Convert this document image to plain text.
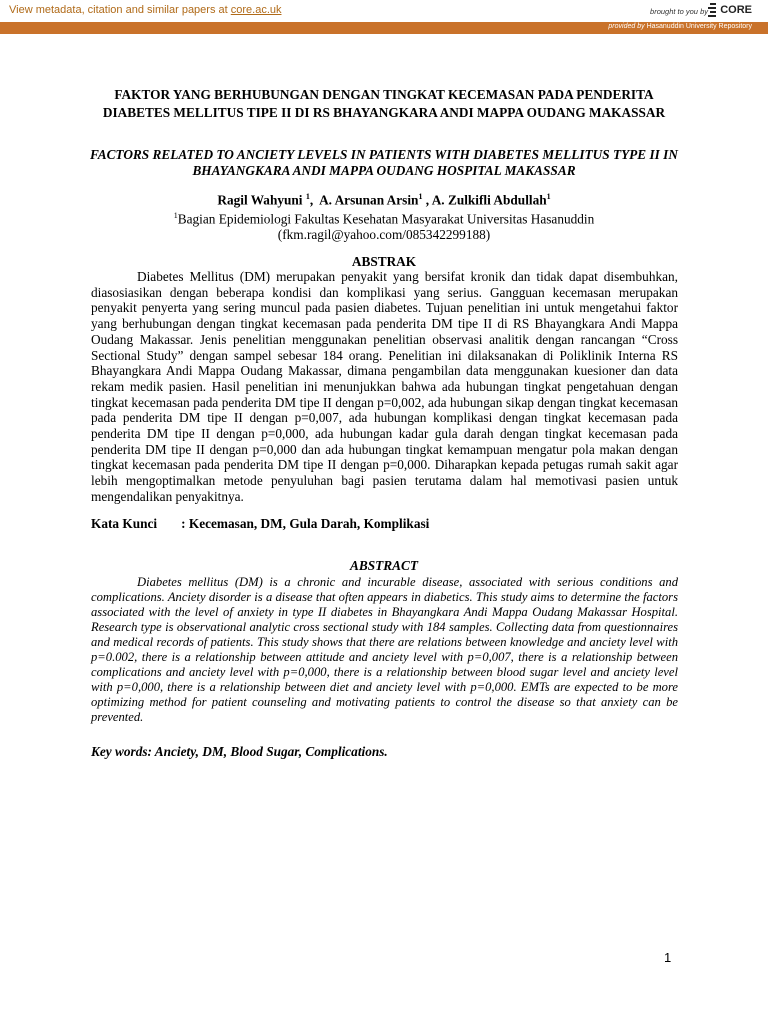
View metadata, citation and similar papers at core.ac.uk	brought to you by CORE
provided by Hasanuddin University Repository
FAKTOR YANG BERHUBUNGAN DENGAN TINGKAT KECEMASAN PADA PENDERITA DIABETES MELLITUS TIPE II DI RS BHAYANGKARA ANDI MAPPA OUDANG MAKASSAR
FACTORS RELATED TO ANCIETY LEVELS IN PATIENTS WITH DIABETES MELLITUS TYPE II IN BHAYANGKARA ANDI MAPPA OUDANG HOSPITAL MAKASSAR
Ragil Wahyuni $^1$,  A. Arsunan Arsin$^1$ , A. Zulkifli Abdullah$^1$
$^1$Bagian Epidemiologi Fakultas Kesehatan Masyarakat Universitas Hasanuddin
(fkm.ragil@yahoo.com/085342299188)
ABSTRAK
Diabetes Mellitus (DM) merupakan penyakit yang bersifat kronik dan tidak dapat disembuhkan, diasosiasikan dengan beberapa kondisi dan komplikasi yang serius. Gangguan kecemasan merupakan penyakit penyerta yang sering muncul pada pasien diabetes. Tujuan penelitian ini untuk mengetahui faktor yang berhubungan dengan tingkat kecemasan pada penderita DM tipe II di RS Bhayangkara Andi Mappa Oudang Makassar. Jenis penelitian menggunakan penelitian observasi analitik dengan rancangan “Cross Sectional Study” dengan sampel sebesar 184 orang. Penelitian ini dilaksanakan di Poliklinik Interna RS Bhayangkara Andi Mappa Oudang Makassar, dimana pengambilan data menggunakan kuesioner dan data rekam medik pasien. Hasil penelitian ini menunjukkan bahwa ada hubungan tingkat pengetahuan dengan tingkat kecemasan pada penderita DM tipe II dengan p=0,002, ada hubungan sikap dengan tingkat kecemasan pada penderita DM tipe II dengan p=0,007, ada hubungan komplikasi dengan tingkat kecemasan pada penderita DM tipe II dengan p=0,000, ada hubungan kadar gula darah dengan tingkat kecemasan pada penderita DM tipe II dengan p=0,000 dan ada hubungan tingkat kemampuan mengatur pola makan dengan tingkat kecemasan pada penderita DM tipe II dengan p=0,000. Diharapkan kepada petugas rumah sakit agar lebih mengoptimalkan metode penyuluhan bagi pasien terutama dalam hal memotivasi pasien untuk mengendalikan penyakitnya.
Kata Kunci : Kecemasan, DM, Gula Darah, Komplikasi
ABSTRACT
Diabetes mellitus (DM) is a chronic and incurable disease, associated with serious conditions and complications. Anciety disorder is a disease that often appears in diabetics. This study aims to determine the factors associated with the level of anxiety in type II diabetes in Bhayangkara Andi Mappa Oudang Makassar Hospital. Research type is observational analytic cross sectional study with 184 samples. Collecting data from questionnaires and medical records of patients. This study shows that there are relations between knowledge and anciety level with p=0.002, there is a relationship between attitude and anciety level with p=0,007, there is a relationship between complications and anciety level with p=0,000, there is a relationship between blood sugar level and anciety level with p=0,000, there is a relationship between diet and anciety level with p=0,000. EMTs are expected to be more optimizing method for patient counseling and motivating patients to control the disease so that anxiety can be prevented.
Key words: Anciety, DM, Blood Sugar, Complications.
1
